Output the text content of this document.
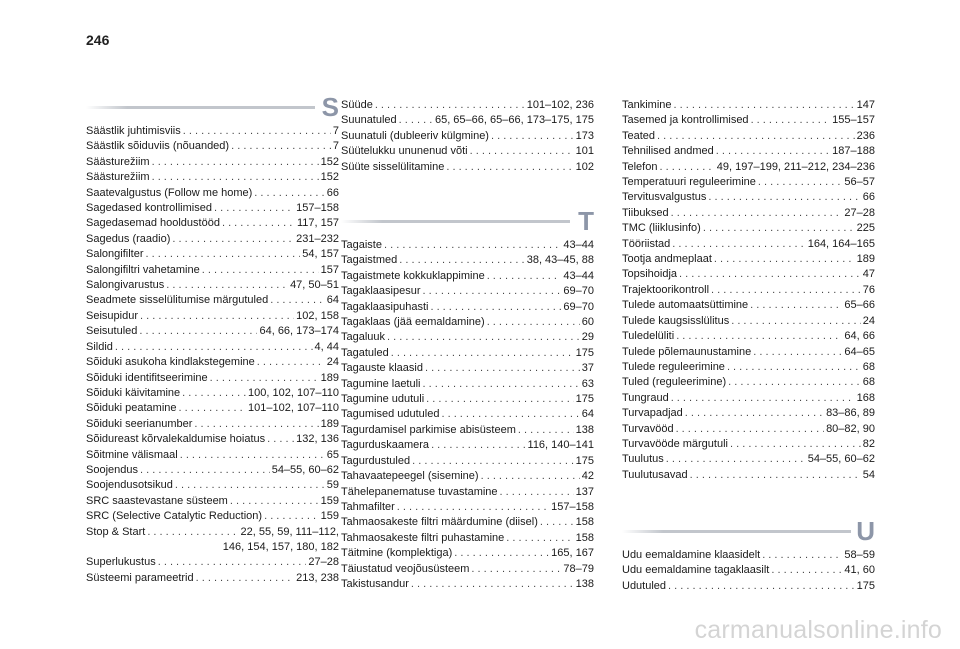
246
S
Säästlik juhtimisviis . . .	7
Säästlik sõiduviis (nõuanded) . . .	7
Säästurežiim . . .	152
Säästurežiim . . .	152
Saatevalgustus (Follow me home) . . .	66
Sagedased kontrollimised . . .	157–158
Sagedasemad hooldustööd . . .	117, 157
Sagedus (raadio) . . .	231–232
Salongifilter . . .	54, 157
Salongifiltri vahetamine . . .	157
Salongivarustus . . .	47, 50–51
Seadmete sisselülitumise märgutuled . . .	64
Seisupidur . . .	102, 158
Seisutuled . . .	64, 66, 173–174
Sildid . . .	4, 44
Sõiduki asukoha kindlakstegemine . . .	24
Sõiduki identifitseerimine . . .	189
Sõiduki käivitamine . . .	100, 102, 107–110
Sõiduki peatamine . . .	101–102, 107–110
Sõiduki seerianumber . . .	189
Sõidureast kõrvalekaldumise hoiatus . . .	132, 136
Sõitmine välismaal . . .	65
Soojendus . . .	54–55, 60–62
Soojendusotsikud . . .	59
SRC saastevastane süsteem . . .	159
SRC (Selective Catalytic Reduction) . . .	159
Stop & Start . . .	22, 55, 59, 111–112,
146, 154, 157, 180, 182
Superlukustus . . .	27–28
Süsteemi parameetrid . . .	213, 238
Süüde . . .	101–102, 236
Suunatuled . . .	65, 65–66, 65–66, 173–175, 175
Suunatuli (dubleeriv külgmine) . . .	173
Süütelukku ununenud võti . . .	101
Süüte sisselülitamine . . .	102
T
Tagaiste . . .	43–44
Tagaistmed . . .	38, 43–45, 88
Tagaistmete kokkuklappimine . . .	43–44
Tagaklaasipesur . . .	69–70
Tagaklaasipuhasti . . .	69–70
Tagaklaas (jää eemaldamine) . . .	60
Tagaluuk . . .	29
Tagatuled . . .	175
Tagauste klaasid . . .	37
Tagumine laetuli . . .	63
Tagumine udutuli . . .	175
Tagumised udutuled . . .	64
Tagurdamisel parkimise abisüsteem . . .	138
Tagurduskaamera . . .	116, 140–141
Tagurdustuled . . .	175
Tahavaatepeegel (sisemine) . . .	42
Tähelepanematuse tuvastamine . . .	137
Tahmafilter . . .	157–158
Tahmaosakeste filtri määrdumine (diisel) . . .	158
Tahmaosakeste filtri puhastamine . . .	158
Täitmine (komplektiga) . . .	165, 167
Täiustatud veojõusüsteem . . .	78–79
Takistusandur . . .	138
Tankimine . . .	147
Tasemed ja kontrollimised . . .	155–157
Teated . . .	236
Tehnilised andmed . . .	187–188
Telefon . . .	49, 197–199, 211–212, 234–236
Temperatuuri reguleerimine . . .	56–57
Tervitusvalgustus . . .	66
Tiibuksed . . .	27–28
TMC (liiklusinfo) . . .	225
Tööriistad . . .	164, 164–165
Tootja andmeplaat . . .	189
Topsihoidja . . .	47
Trajektoorikontroll . . .	76
Tulede automaatsüttimine . . .	65–66
Tulede kaugsisslülitus . . .	24
Tuledelüliti . . .	64, 66
Tulede põlemaunustamine . . .	64–65
Tulede reguleerimine . . .	68
Tuled (reguleerimine) . . .	68
Tungraud . . .	168
Turvapadjad . . .	83–86, 89
Turvavööd . . .	80–82, 90
Turvavööde märgutuli . . .	82
Tuulutus . . .	54–55, 60–62
Tuulutusavad . . .	54
U
Udu eemaldamine klaasidelt . . .	58–59
Udu eemaldamine tagaklaasilt . . .	41, 60
Udutuled . . .	175
carmanualsonline.info
